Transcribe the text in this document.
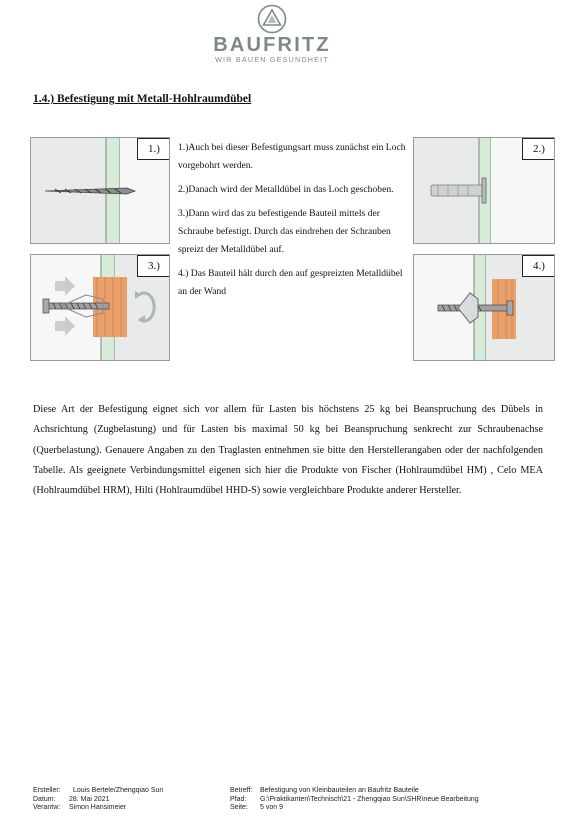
BAUFRITZ
WIR BAUEN GESUNDHEIT
1.4.) Befestigung mit Metall-Hohlraumdübel
1.)	2.)
3.)	4.)

1.)Auch bei dieser Befestigungsart muss zunächst ein Loch vorgebohrt werden.

2.)Danach wird der Metalldübel in das Loch geschoben.

3.)Dann wird das zu befestigende Bauteil mittels der Schraube befestigt. Durch das eindrehen der Schrauben spreizt der Metalldübel auf.

4.) Das Bauteil hält durch den auf gespreizten Metalldübel an der Wand

Diese Art der Befestigung eignet sich vor allem für Lasten bis höchstens 25 kg bei Beanspruchung des Dübels in Achsrichtung (Zugbelastung) und für Lasten bis maximal 50 kg bei Beanspruchung senkrecht zur Schraubenachse (Querbelastung). Genauere Angaben zu den Traglasten entnehmen sie bitte den Herstellerangaben oder der nachfolgenden Tabelle. Als geeignete Verbindungsmittel eigenen sich hier die Produkte von Fischer (Hohlraumdübel HM) , Celo MEA (Hohlraumdübel HRM), Hilti (Hohlraumdübel HHD-S) sowie vergleichbare Produkte anderer Hersteller.

Ersteller: Louis Bertele/Zhengqiao Sun
Datum: 28. Mai 2021
Verantw: Simon Hansimeier
Betreff: Befestigung von Kleinbauteilen an Baufritz Bauteile
Pfad: G:\Praktikanten\Technisch\21 - Zhengqiao Sun\SHR\neue Bearbeitung
Seite: 5 von 9
